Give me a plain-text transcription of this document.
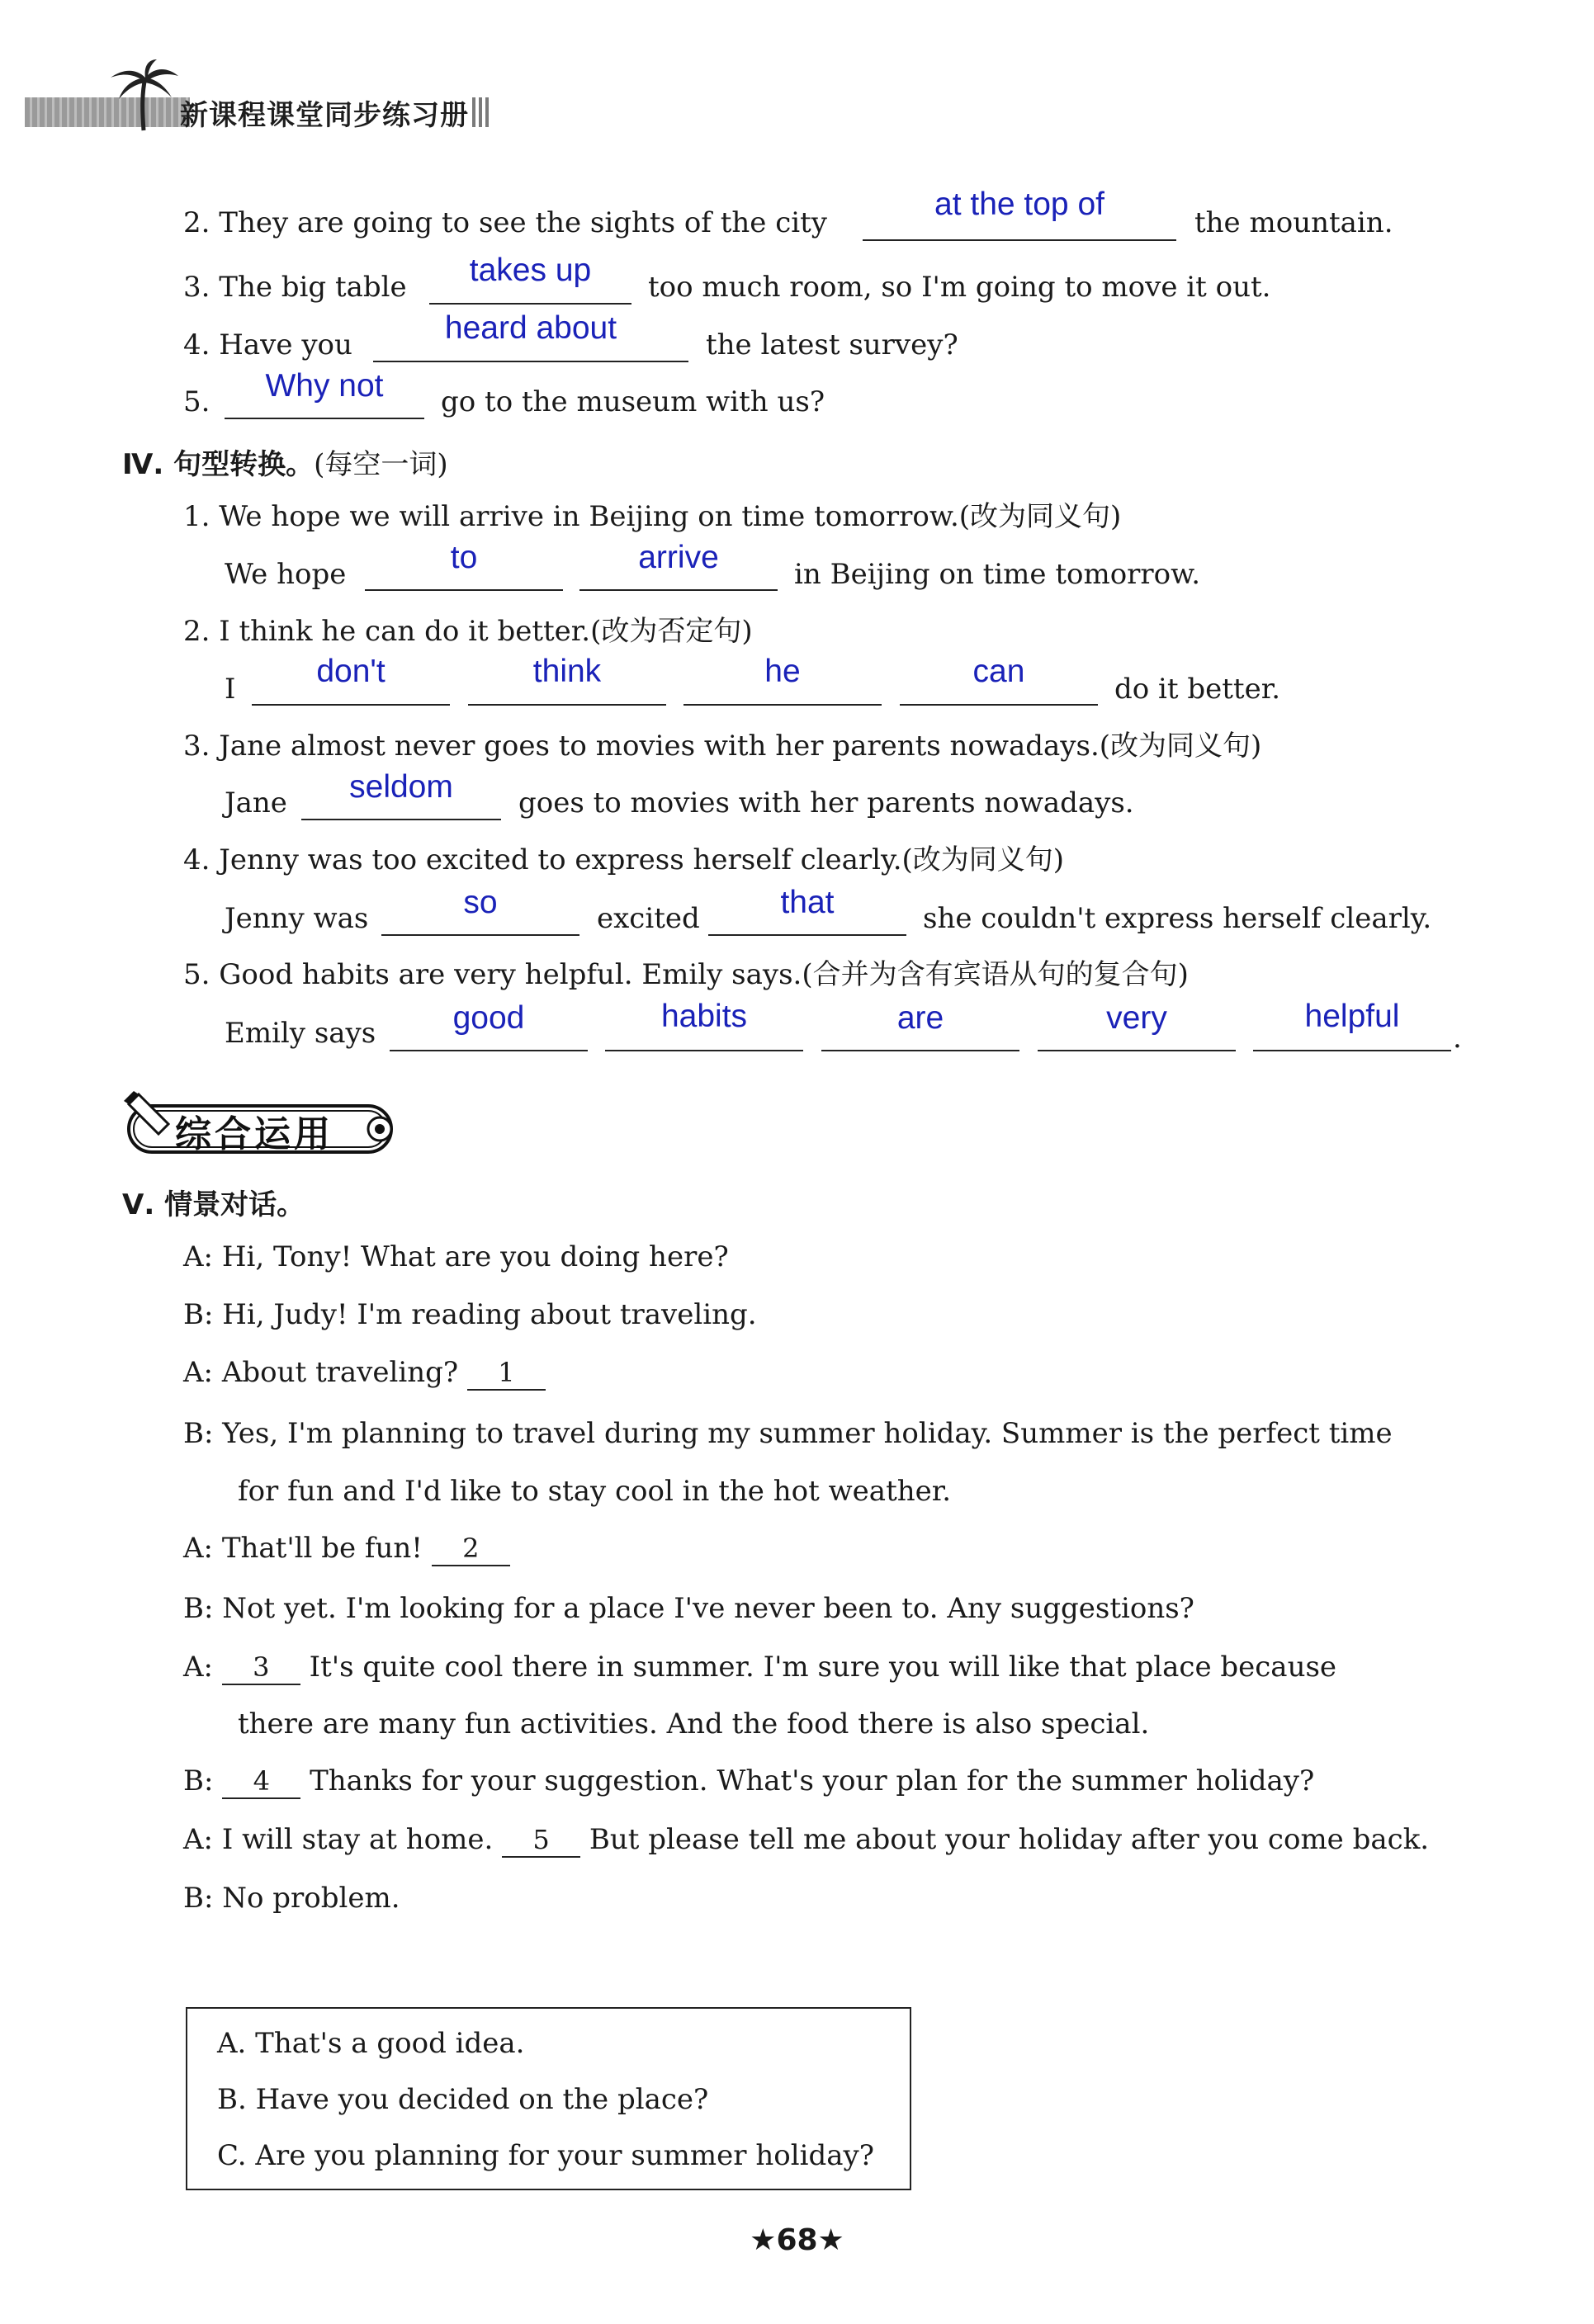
新课程课堂同步练习册
2. They are going to see the sights of the city
at the top of
the mountain.
3. The big table	takes up	too much room, so I'm going to move it out.
4. Have you	heard about	the latest survey?
5.	Why not	go to the museum with us?
Ⅳ. 句型转换。(每空一词)
1. We hope we will arrive in Beijing on time tomorrow.(改为同义句)
We hope	to	arrive	in Beijing on time tomorrow.
2. I think he can do it better.(改为否定句)
I	don't	think	he	can	do it better.
3. Jane almost never goes to movies with her parents nowadays.(改为同义句)
Jane	seldom	goes to movies with her parents nowadays.
4. Jenny was too excited to express herself clearly.(改为同义句)
Jenny was	so	excited	that	she couldn't express herself clearly.
5. Good habits are very helpful. Emily says.(合并为含有宾语从句的复合句)
Emily says	good	habits	are	very	helpful
.
综合运用
Ⅴ. 情景对话。
A: Hi, Tony! What are you doing here?
B: Hi, Judy! I'm reading about traveling.
A: About traveling? 1
B: Yes, I'm planning to travel during my summer holiday. Summer is the perfect time
for fun and I'd like to stay cool in the hot weather.
A: That'll be fun! 2
B: Not yet. I'm looking for a place I've never been to. Any suggestions?
A: 3 It's quite cool there in summer. I'm sure you will like that place because
there are many fun activities. And the food there is also special.
B: 4 Thanks for your suggestion. What's your plan for the summer holiday?
A: I will stay at home. 5 But please tell me about your holiday after you come back.
B: No problem.
A. That's a good idea.
B. Have you decided on the place?
C. Are you planning for your summer holiday?
★68★
